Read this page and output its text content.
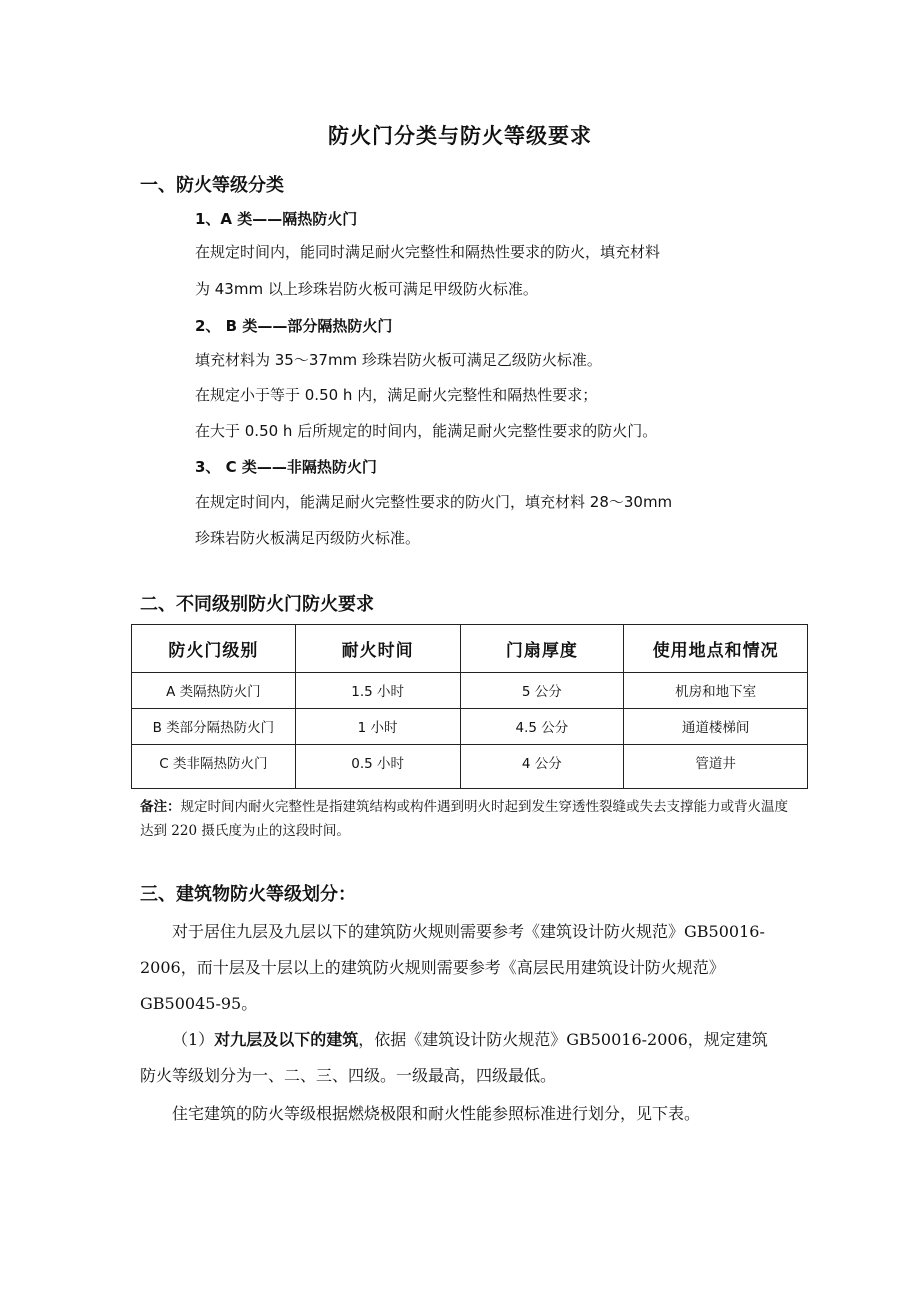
防火门分类与防火等级要求
一、防火等级分类
1、A 类——隔热防火门
在规定时间内，能同时满足耐火完整性和隔热性要求的防火，填充材料
为 43mm 以上珍珠岩防火板可满足甲级防火标准。
2、 B 类——部分隔热防火门
填充材料为 35～37mm 珍珠岩防火板可满足乙级防火标准。
在规定小于等于 0.50 h 内，满足耐火完整性和隔热性要求；
在大于 0.50 h 后所规定的时间内，能满足耐火完整性要求的防火门。
3、 C 类——非隔热防火门
在规定时间内，能满足耐火完整性要求的防火门，填充材料 28～30mm
珍珠岩防火板满足丙级防火标准。
二、不同级别防火门防火要求
防火门级别	耐火时间	门扇厚度	使用地点和情况
A 类隔热防火门	1.5 小时	5 公分	机房和地下室
B 类部分隔热防火门	1 小时	4.5 公分	通道楼梯间
C 类非隔热防火门	0.5 小时	4 公分	管道井
备注：规定时间内耐火完整性是指建筑结构或构件遇到明火时起到发生穿透性裂缝或失去支撑能力或背火温度达到 220 摄氏度为止的这段时间。
三、建筑物防火等级划分：
对于居住九层及九层以下的建筑防火规则需要参考《建筑设计防火规范》GB50016-2006，而十层及十层以上的建筑防火规则需要参考《高层民用建筑设计防火规范》GB50045-95。
（1）对九层及以下的建筑，依据《建筑设计防火规范》GB50016-2006，规定建筑防火等级划分为一、二、三、四级。一级最高，四级最低。
住宅建筑的防火等级根据燃烧极限和耐火性能参照标准进行划分，见下表。
